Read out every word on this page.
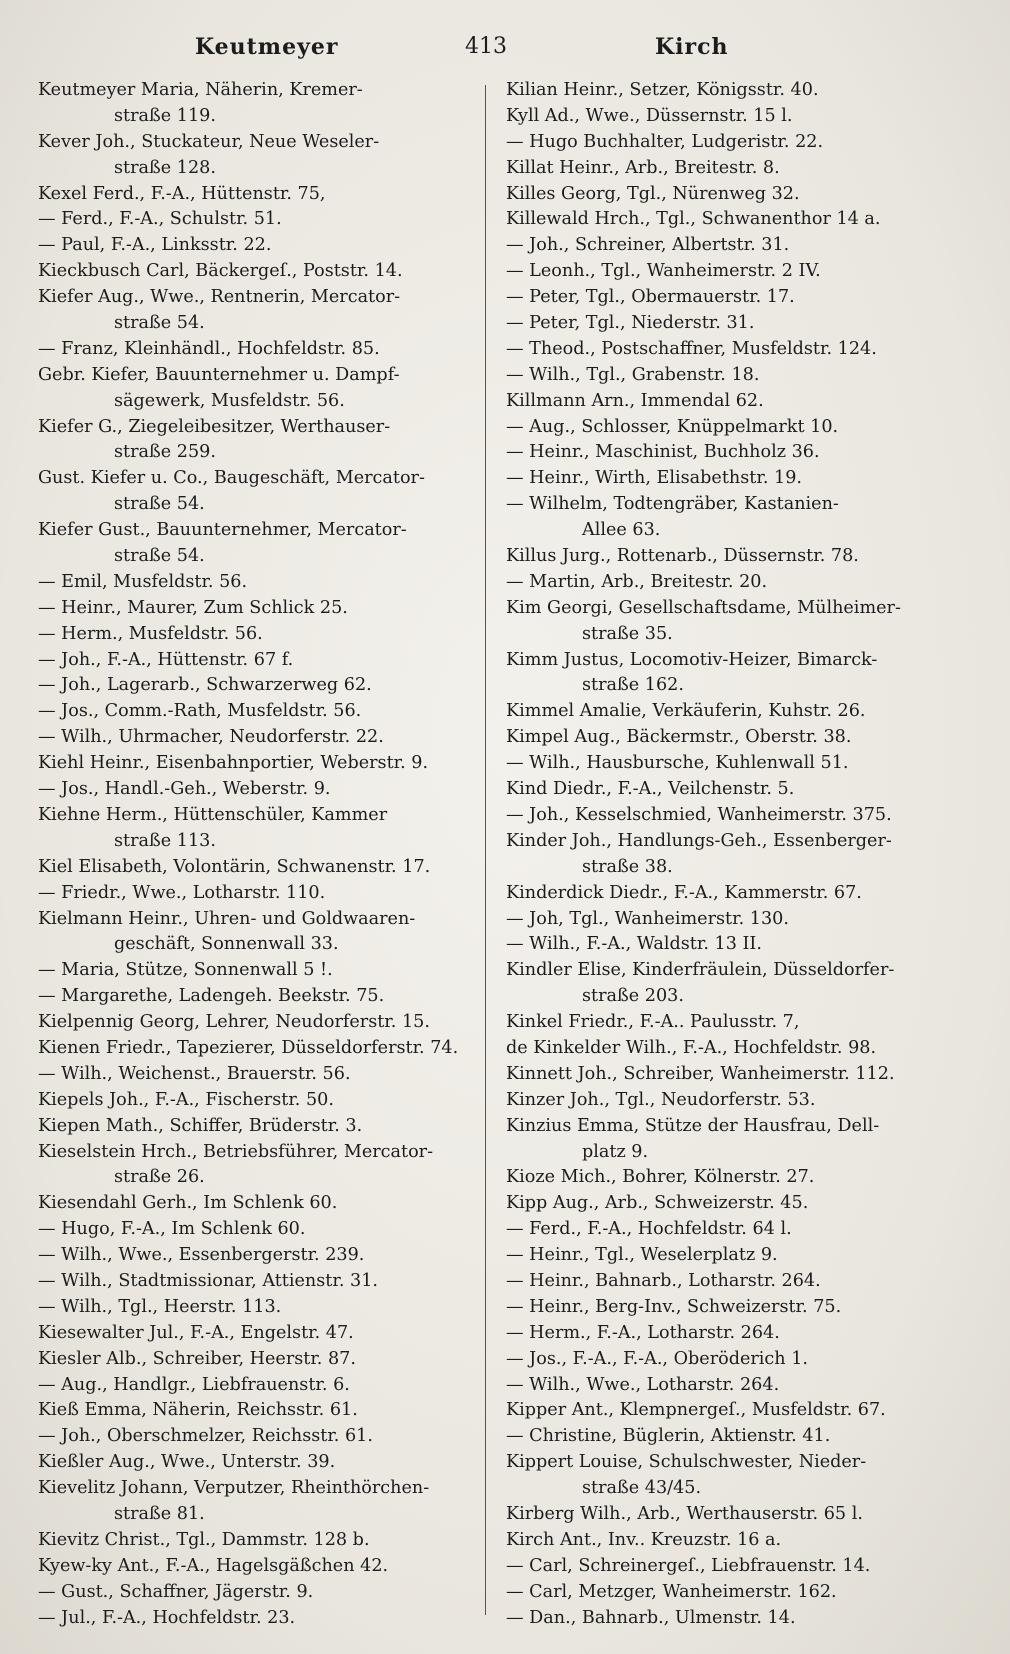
Keutmeyer	413	Kirch
Keutmeyer Maria, Näherin, Kremer-
straße 119.
Kever Joh., Stuckateur, Neue Weseler-
straße 128.
Kexel Ferd., F.-A., Hüttenstr. 75,
— Ferd., F.-A., Schulstr. 51.
— Paul, F.-A., Linksstr. 22.
Kieckbusch Carl, Bäckergeſ., Poststr. 14.
Kiefer Aug., Wwe., Rentnerin, Mercator-
straße 54.
— Franz, Kleinhändl., Hochfeldstr. 85.
Gebr. Kiefer, Bauunternehmer u. Dampf-
sägewerk, Musfeldstr. 56.
Kiefer G., Ziegeleibesitzer, Werthauser-
straße 259.
Gust. Kiefer u. Co., Baugeschäft, Mercator-
straße 54.
Kiefer Gust., Bauunternehmer, Mercator-
straße 54.
— Emil, Musfeldstr. 56.
— Heinr., Maurer, Zum Schlick 25.
— Herm., Musfeldstr. 56.
— Joh., F.-A., Hüttenstr. 67 f.
— Joh., Lagerarb., Schwarzerweg 62.
— Jos., Comm.-Rath, Musfeldstr. 56.
— Wilh., Uhrmacher, Neudorferstr. 22.
Kiehl Heinr., Eisenbahnportier, Weberstr. 9.
— Jos., Handl.-Geh., Weberstr. 9.
Kiehne Herm., Hüttenschüler, Kammer
straße 113.
Kiel Elisabeth, Volontärin, Schwanenstr. 17.
— Friedr., Wwe., Lotharstr. 110.
Kielmann Heinr., Uhren- und Goldwaaren-
geschäft, Sonnenwall 33.
— Maria, Stütze, Sonnenwall 5 !.
— Margarethe, Ladengeh. Beekstr. 75.
Kielpennig Georg, Lehrer, Neudorferstr. 15.
Kienen Friedr., Tapezierer, Düsseldorferstr. 74.
— Wilh., Weichenst., Brauerstr. 56.
Kiepels Joh., F.-A., Fischerstr. 50.
Kiepen Math., Schiffer, Brüderstr. 3.
Kieselstein Hrch., Betriebsführer, Mercator-
straße 26.
Kiesendahl Gerh., Im Schlenk 60.
— Hugo, F.-A., Im Schlenk 60.
— Wilh., Wwe., Essenbergerstr. 239.
— Wilh., Stadtmissionar, Attienstr. 31.
— Wilh., Tgl., Heerstr. 113.
Kiesewalter Jul., F.-A., Engelstr. 47.
Kiesler Alb., Schreiber, Heerstr. 87.
— Aug., Handlgr., Liebfrauenstr. 6.
Kieß Emma, Näherin, Reichsstr. 61.
— Joh., Oberschmelzer, Reichsstr. 61.
Kießler Aug., Wwe., Unterstr. 39.
Kievelitz Johann, Verputzer, Rheinthörchen-
straße 81.
Kievitz Christ., Tgl., Dammstr. 128 b.
Kyew-ky Ant., F.-A., Hagelsgäßchen 42.
— Gust., Schaffner, Jägerstr. 9.
— Jul., F.-A., Hochfeldstr. 23.
Kilian Heinr., Setzer, Königsstr. 40.
Kyll Ad., Wwe., Düssernstr. 15 l.
— Hugo Buchhalter, Ludgeristr. 22.
Killat Heinr., Arb., Breitestr. 8.
Killes Georg, Tgl., Nürenweg 32.
Killewald Hrch., Tgl., Schwanenthor 14 a.
— Joh., Schreiner, Albertstr. 31.
— Leonh., Tgl., Wanheimerstr. 2 IV.
— Peter, Tgl., Obermauerstr. 17.
— Peter, Tgl., Niederstr. 31.
— Theod., Postschaffner, Musfeldstr. 124.
— Wilh., Tgl., Grabenstr. 18.
Killmann Arn., Immendal 62.
— Aug., Schlosser, Knüppelmarkt 10.
— Heinr., Maschinist, Buchholz 36.
— Heinr., Wirth, Elisabethstr. 19.
— Wilhelm, Todtengräber, Kastanien-
Allee 63.
Killus Jurg., Rottenarb., Düssernstr. 78.
— Martin, Arb., Breitestr. 20.
Kim Georgi, Gesellschaftsdame, Mülheimer-
straße 35.
Kimm Justus, Locomotiv-Heizer, Bimarck-
straße 162.
Kimmel Amalie, Verkäuferin, Kuhstr. 26.
Kimpel Aug., Bäckermstr., Oberstr. 38.
— Wilh., Hausbursche, Kuhlenwall 51.
Kind Diedr., F.-A., Veilchenstr. 5.
— Joh., Kesselschmied, Wanheimerstr. 375.
Kinder Joh., Handlungs-Geh., Essenberger-
straße 38.
Kinderdick Diedr., F.-A., Kammerstr. 67.
— Joh, Tgl., Wanheimerstr. 130.
— Wilh., F.-A., Waldstr. 13 II.
Kindler Elise, Kinderfräulein, Düsseldorfer-
straße 203.
Kinkel Friedr., F.-A.. Paulusstr. 7,
de Kinkelder Wilh., F.-A., Hochfeldstr. 98.
Kinnett Joh., Schreiber, Wanheimerstr. 112.
Kinzer Joh., Tgl., Neudorferstr. 53.
Kinzius Emma, Stütze der Hausfrau, Dell-
platz 9.
Kioze Mich., Bohrer, Kölnerstr. 27.
Kipp Aug., Arb., Schweizerstr. 45.
— Ferd., F.-A., Hochfeldstr. 64 l.
— Heinr., Tgl., Weselerplatz 9.
— Heinr., Bahnarb., Lotharstr. 264.
— Heinr., Berg-Inv., Schweizerstr. 75.
— Herm., F.-A., Lotharstr. 264.
— Jos., F.-A., F.-A., Oberöderich 1.
— Wilh., Wwe., Lotharstr. 264.
Kipper Ant., Klempnergeſ., Musfeldstr. 67.
— Christine, Büglerin, Aktienstr. 41.
Kippert Louise, Schulschwester, Nieder-
straße 43/45.
Kirberg Wilh., Arb., Werthauserstr. 65 l.
Kirch Ant., Inv.. Kreuzstr. 16 a.
— Carl, Schreinergeſ., Liebfrauenstr. 14.
— Carl, Metzger, Wanheimerstr. 162.
— Dan., Bahnarb., Ulmenstr. 14.
